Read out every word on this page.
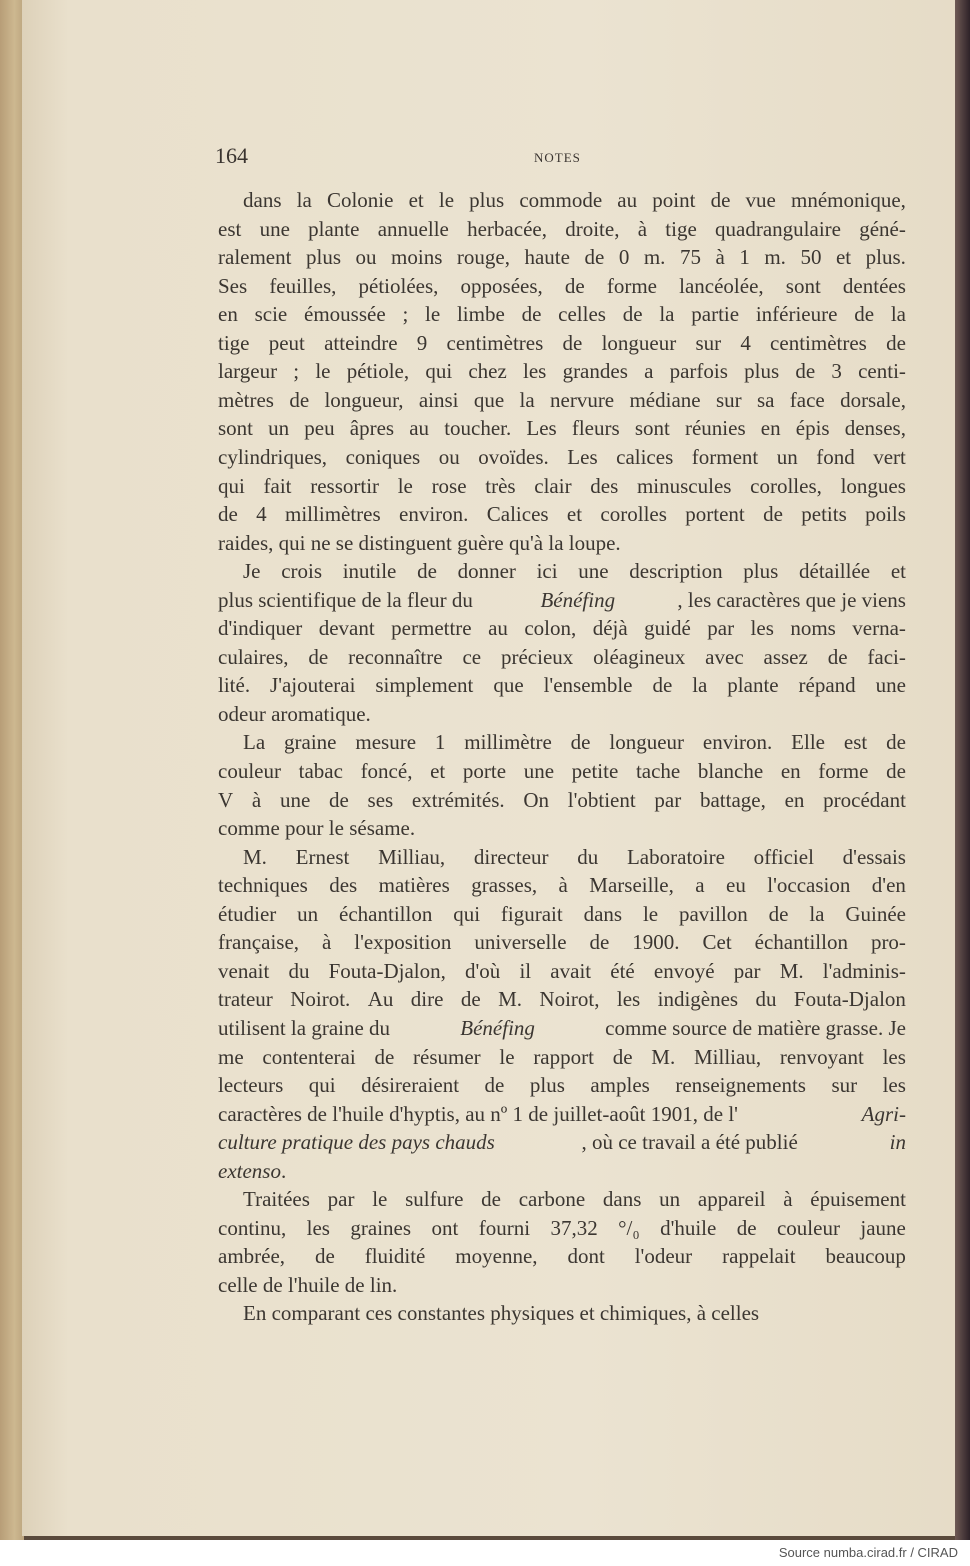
164	NOTES
dans la Colonie et le plus commode au point de vue mnémonique,
est une plante annuelle herbacée, droite, à tige quadrangulaire géné-
ralement plus ou moins rouge, haute de 0 m. 75 à 1 m. 50 et plus.
Ses feuilles, pétiolées, opposées, de forme lancéolée, sont dentées
en scie émoussée ; le limbe de celles de la partie inférieure de la
tige peut atteindre 9 centimètres de longueur sur 4 centimètres de
largeur ; le pétiole, qui chez les grandes a parfois plus de 3 centi-
mètres de longueur, ainsi que la nervure médiane sur sa face dorsale,
sont un peu âpres au toucher. Les fleurs sont réunies en épis denses,
cylindriques, coniques ou ovoïdes. Les calices forment un fond vert
qui fait ressortir le rose très clair des minuscules corolles, longues
de 4 millimètres environ. Calices et corolles portent de petits poils
raides, qui ne se distinguent guère qu'à la loupe.
Je crois inutile de donner ici une description plus détaillée et
plus scientifique de la fleur du	Bénéfing	, les caractères que je viens
d'indiquer devant permettre au colon, déjà guidé par les noms verna-
culaires, de reconnaître ce précieux oléagineux avec assez de faci-
lité. J'ajouterai simplement que l'ensemble de la plante répand une
odeur aromatique.
La graine mesure 1 millimètre de longueur environ. Elle est de
couleur tabac foncé, et porte une petite tache blanche en forme de
V à une de ses extrémités. On l'obtient par battage, en procédant
comme pour le sésame.
M. Ernest Milliau, directeur du Laboratoire officiel d'essais
techniques des matières grasses, à Marseille, a eu l'occasion d'en
étudier un échantillon qui figurait dans le pavillon de la Guinée
française, à l'exposition universelle de 1900. Cet échantillon pro-
venait du Fouta-Djalon, d'où il avait été envoyé par M. l'adminis-
trateur Noirot. Au dire de M. Noirot, les indigènes du Fouta-Djalon
utilisent la graine du	Bénéfing	comme source de matière grasse. Je
me contenterai de résumer le rapport de M. Milliau, renvoyant les
lecteurs qui désireraient de plus amples renseignements sur les
caractères de l'huile d'hyptis, au nº 1 de juillet-août 1901, de l'	Agri-
culture pratique des pays chauds	, où ce travail a été publié	in
extenso .
Traitées par le sulfure de carbone dans un appareil à épuisement
continu, les graines ont fourni 37,32 °/₀ d'huile de couleur jaune
ambrée, de fluidité moyenne, dont l'odeur rappelait beaucoup
celle de l'huile de lin.
En comparant ces constantes physiques et chimiques, à celles
Source numba.cirad.fr / CIRAD
